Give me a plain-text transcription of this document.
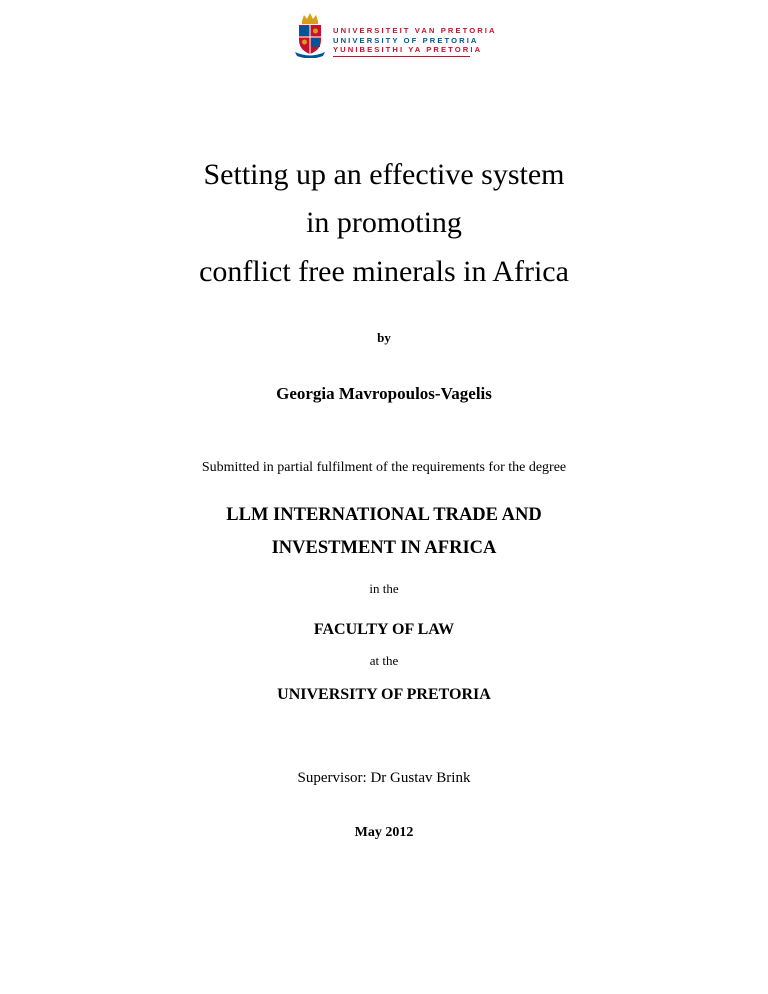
UNIVERSITEIT VAN PRETORIA
UNIVERSITY OF PRETORIA
YUNIBESITHI YA PRETORIA
Setting up an effective system
in promoting
conflict free minerals in Africa
by
Georgia Mavropoulos-Vagelis
Submitted in partial fulfilment of the requirements for the degree
LLM INTERNATIONAL TRADE AND
INVESTMENT IN AFRICA
in the
FACULTY OF LAW
at the
UNIVERSITY OF PRETORIA
Supervisor: Dr Gustav Brink
May 2012
